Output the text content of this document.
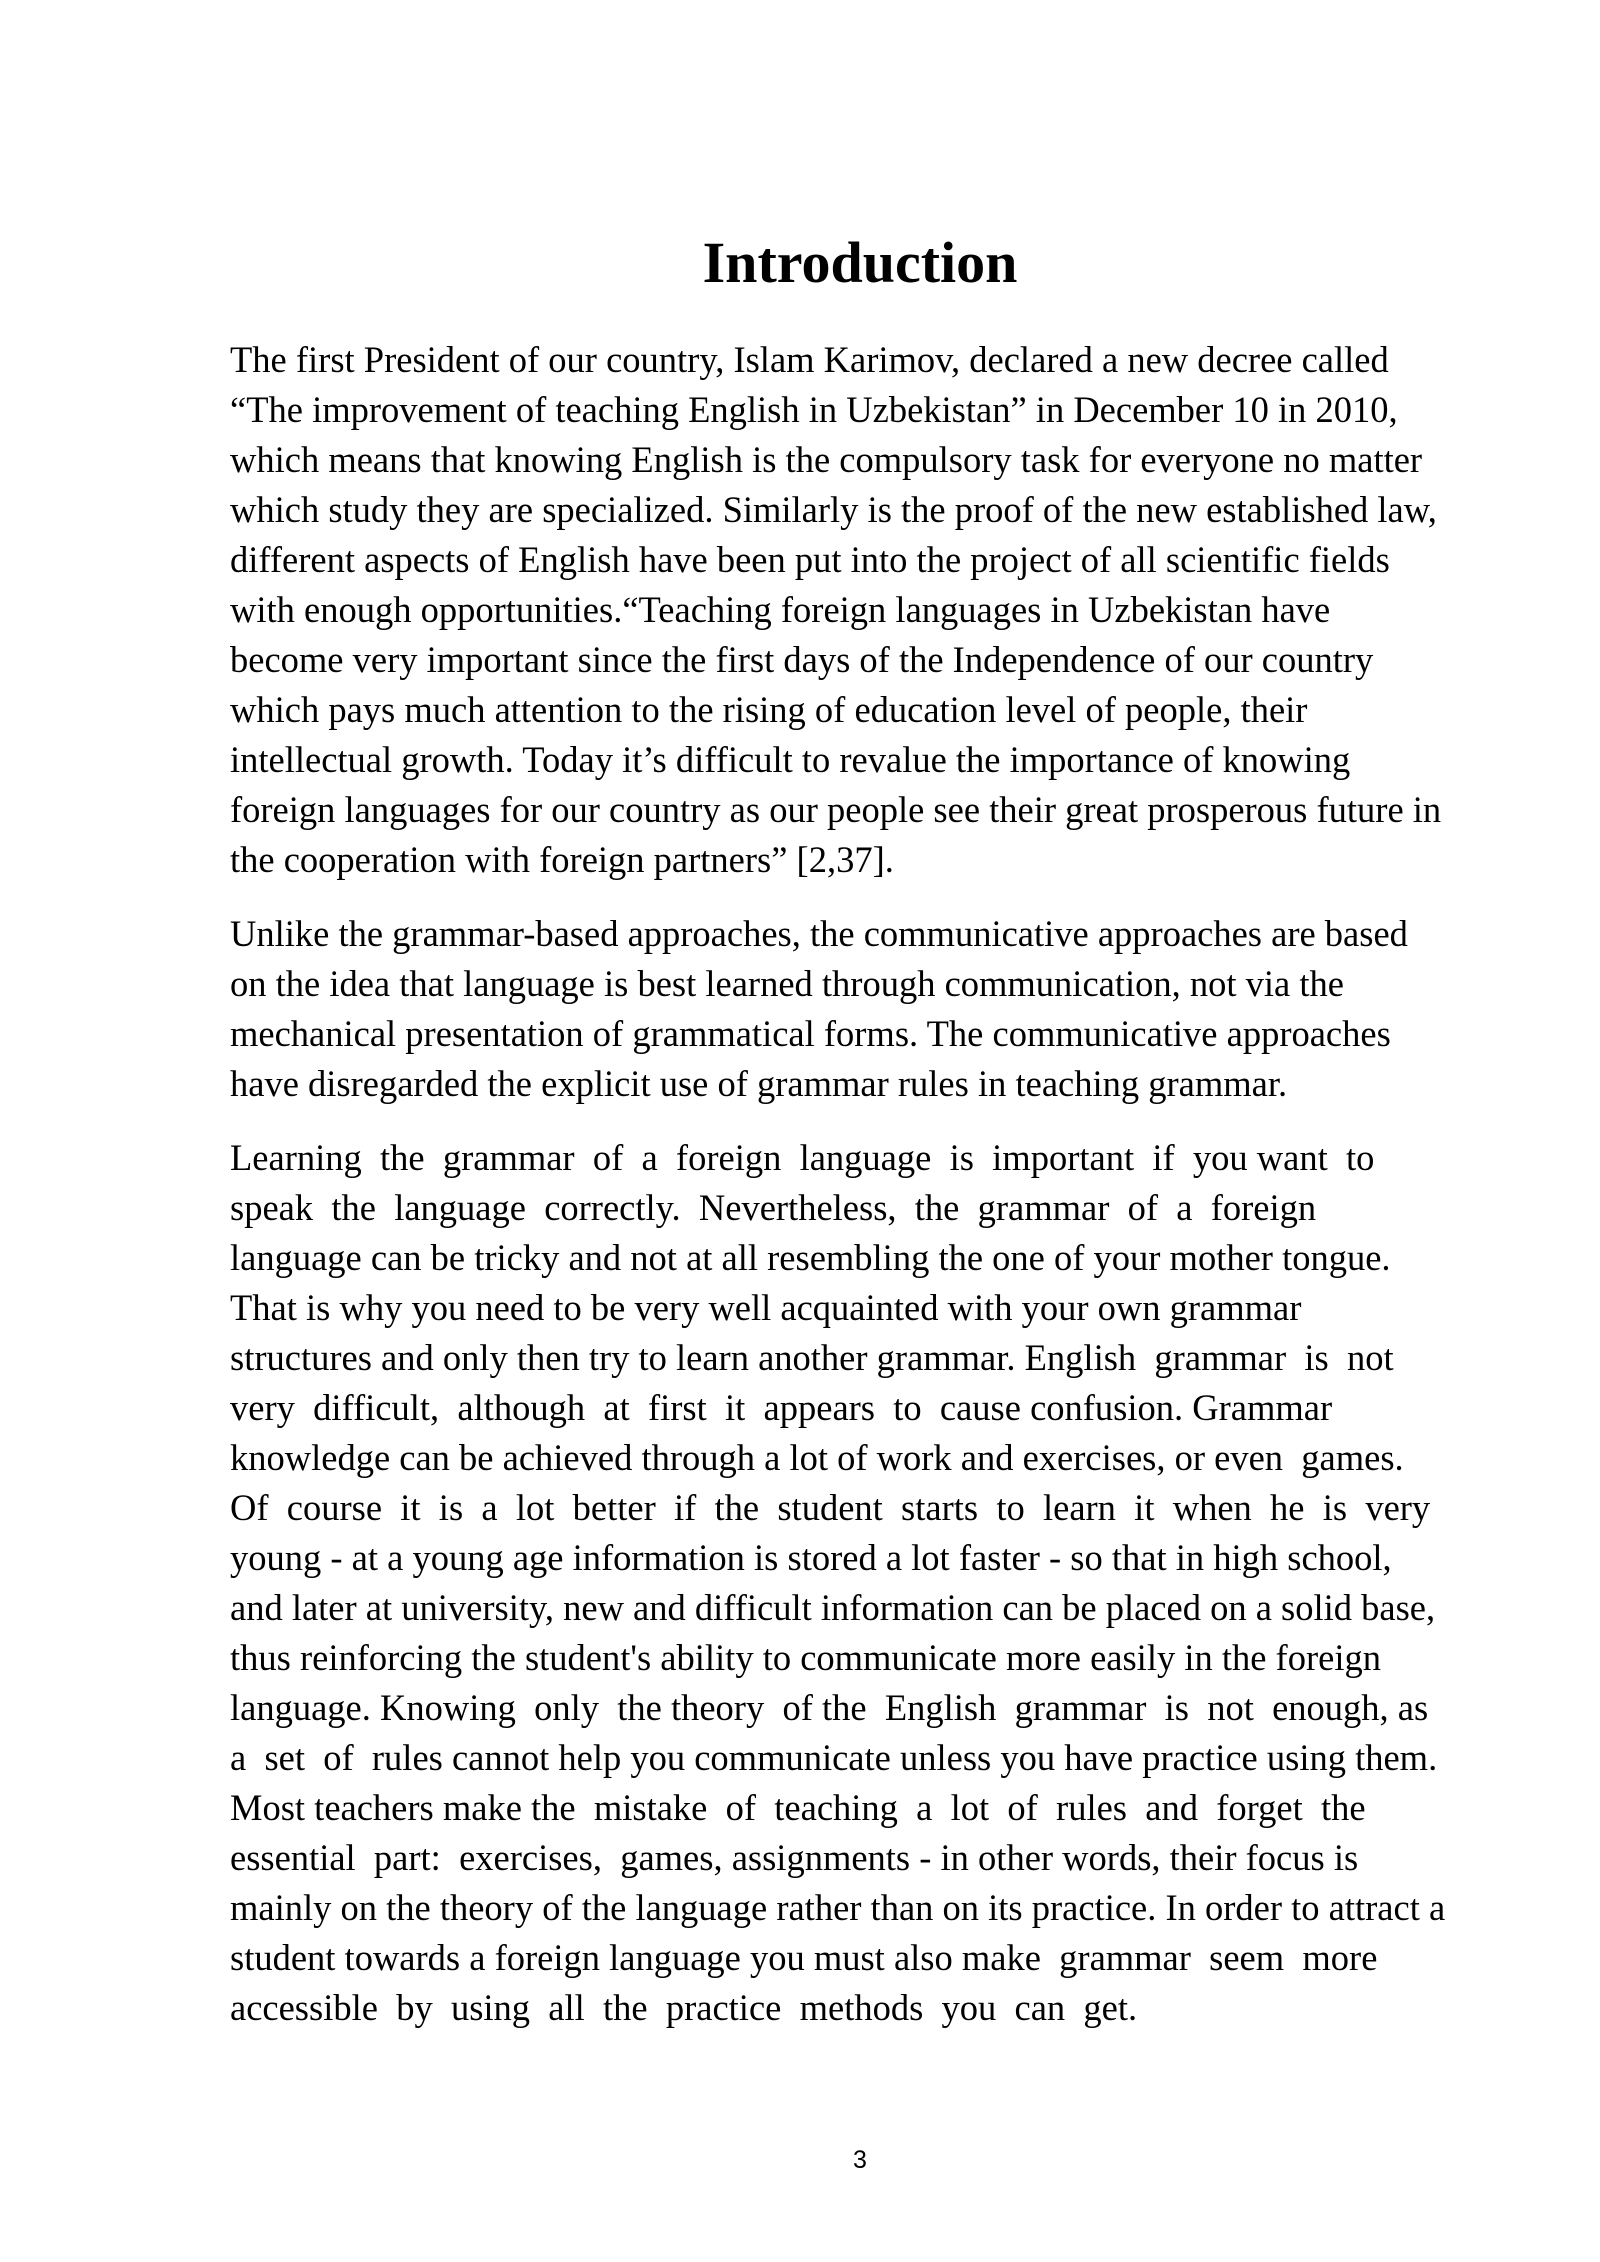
Introduction

The first President of our country, Islam Karimov, declared a new decree called
“The improvement of teaching English in Uzbekistan” in December 10 in 2010,
which means that knowing English is the compulsory task for everyone no matter
which study they are specialized. Similarly is the proof of the new established law,
different aspects of English have been put into the project of all scientific fields
with enough opportunities.“Teaching foreign languages in Uzbekistan have
become very important since the first days of the Independence of our country
which pays much attention to the rising of education level of people, their
intellectual growth. Today it’s difficult to revalue the importance of knowing
foreign languages for our country as our people see their great prosperous future in
the cooperation with foreign partners” [2,37].

Unlike the grammar-based approaches, the communicative approaches are based
on the idea that language is best learned through communication, not via the
mechanical presentation of grammatical forms. The communicative approaches
have disregarded the explicit use of grammar rules in teaching grammar.

Learning  the  grammar  of  a  foreign  language  is  important  if  you want  to
speak  the  language  correctly.  Nevertheless,  the  grammar  of  a  foreign
language can be tricky and not at all resembling the one of your mother tongue.
That is why you need to be very well acquainted with your own grammar
structures and only then try to learn another grammar. English  grammar  is  not
very  difficult,  although  at  first  it  appears  to  cause confusion. Grammar
knowledge can be achieved through a lot of work and exercises, or even  games.
Of  course  it  is  a  lot  better  if  the  student  starts  to  learn  it  when  he  is  very
young - at a young age information is stored a lot faster - so that in high school,
and later at university, new and difficult information can be placed on a solid base,
thus reinforcing the student's ability to communicate more easily in the foreign
language. Knowing  only  the theory  of the  English  grammar  is  not  enough, as
a  set  of  rules cannot help you communicate unless you have practice using them.
Most teachers make the  mistake  of  teaching  a  lot  of  rules  and  forget  the
essential  part:  exercises,  games, assignments - in other words, their focus is
mainly on the theory of the language rather than on its practice. In order to attract a
student towards a foreign language you must also make  grammar  seem  more
accessible  by  using  all  the  practice  methods  you  can  get.

3
